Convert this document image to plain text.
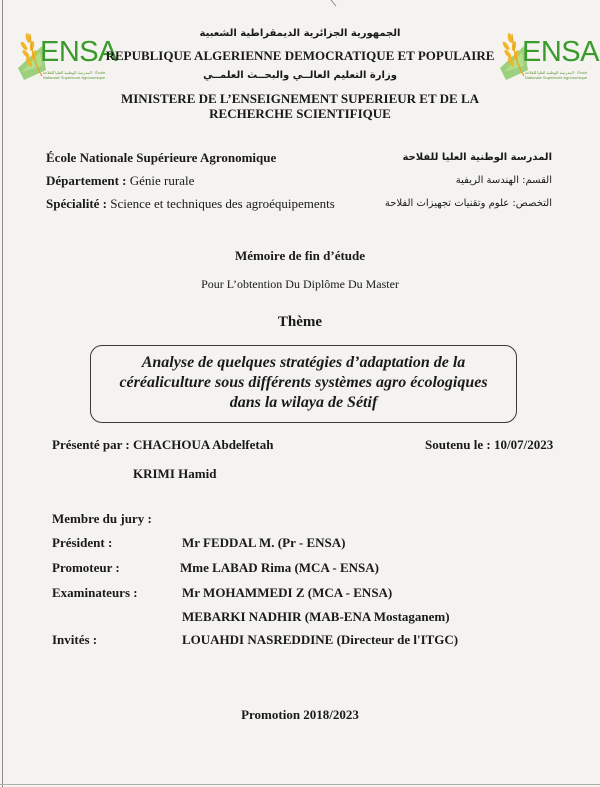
ENSA
المدرسة الوطنية العليا للفلاحة · École Nationale Supérieure Agronomique
ENSA
المدرسة الوطنية العليا للفلاحة · École Nationale Supérieure Agronomique
الجمهورية الجزائرية الديمقراطية الشعبية
REPUBLIQUE ALGERIENNE DEMOCRATIQUE ET POPULAIRE
وزارة التعليم العالــي والبحــث العلمــي
MINISTERE DE L’ENSEIGNEMENT SUPERIEUR ET DE LA
RECHERCHE SCIENTIFIQUE
École Nationale Supérieure Agronomique	المدرسة الوطنية العليا للفلاحة
Département : Génie rurale	القسم: الهندسة الريفية
Spécialité : Science et techniques des agroéquipements	التخصص: علوم وتقنيات تجهيزات الفلاحة
Mémoire de fin d’étude
Pour L’obtention Du Diplôme Du Master
Thème
Analyse de quelques stratégies d’adaptation de la
céréaliculture sous différents systèmes agro écologiques
dans la wilaya de Sétif
Présenté par : CHACHOUA Abdelfetah
KRIMI Hamid
Soutenu le : 10/07/2023
Membre du jury :
Président :	Mr FEDDAL M. (Pr - ENSA)
Promoteur :	Mme LABAD Rima (MCA - ENSA)
Examinateurs :	Mr MOHAMMEDI Z (MCA - ENSA)
MEBARKI NADHIR (MAB-ENA Mostaganem)
Invités :	LOUAHDI NASREDDINE (Directeur de l'ITGC)
Promotion 2018/2023
